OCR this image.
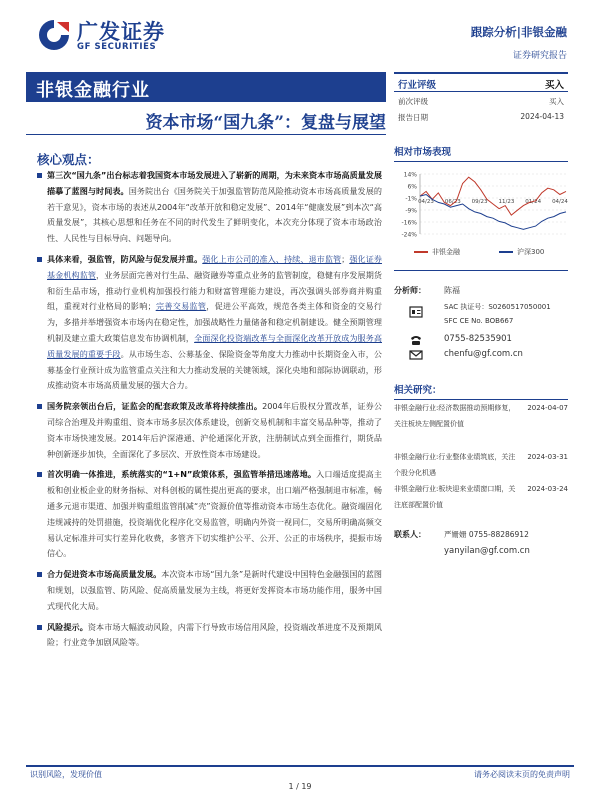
广发证券
GF SECURITIES
跟踪分析|非银金融
证券研究报告
非银金融行业
资本市场“国九条”：复盘与展望
核心观点：
第三次“国九条”出台标志着我国资本市场发展进入了崭新的周期，为未来资本市场高质量发展描摹了蓝图与时间表。国务院出台《国务院关于加强监管防范风险推动资本市场高质量发展的若干意见》，资本市场的表述从2004年“改革开放和稳定发展”、2014年“健康发展”到本次“高质量发展”，其核心思想和任务在不同的时代发生了鲜明变化，本次充分体现了资本市场政治性、人民性与目标导向、问题导向。
具体来看，强监管，防风险与促发展并重。强化上市公司的准入、持续、退市监管；强化证券基金机构监管，业务层面完善对行生品、融资融券等重点业务的监管制度，稳健有序发展期货和衍生品市场，推动行业机构加强投行能力和财富管理能力建设，再次强调头部券商并购重组，重视对行业格局的影响；完善交易监管，促进公平高效，规范各类主体和资金的交易行为，多措并举增强资本市场内在稳定性，加强战略性力量储备和稳定机制建设。健全预期管理机制及建立重大政策信息发布协调机制，全面深化投资端改革与全面深化改革开放成为服务高质量发展的重要手段。从市场生态、公募基金、保险资金等角度大力推动中长期资金入市，公募基金行业预计成为监管重点关注和大力推动发展的关键领域，深化央地和部际协调联动，形成推动资本市场高质量发展的强大合力。
国务院亲领出台后，证监会的配套政策及改革将持续推出。2004年后股权分置改革，证券公司综合治理及并购重组、资本市场多层次体系建设，创新交易机制和丰富交易品种等，推动了资本市场快速发展。2014年后沪深港通、沪伦通深化开放，注册制试点到全面推行，期货品种创新逐步加快，全面深化了多层次、开放性资本市场建设。
首次明确一体推进，系统落实的“1+N”政策体系，强监管举措迅速落地。入口端适度提高主板和创业板企业的财务指标、对科创板的属性提出更高的要求，出口端严格强制退市标准，畅通多元退市渠道、加强并购重组监管削减“壳”资源价值等推动资本市场生态优化。融资端固化违规减持的处罚措施，投资端优化程序化交易监管，明确内外资一视同仁，交易所明确高频交易认定标准并可实行差异化收费，多管齐下切实维护公平、公开、公正的市场秩序，提振市场信心。
合力促进资本市场高质量发展。本次资本市场“国九条”是新时代建设中国特色金融强国的蓝图和规划，以强监管、防风险、促高质量发展为主线，将更好发挥资本市场功能作用，服务中国式现代化大局。
风险提示。资本市场大幅波动风险，内需下行导致市场信用风险，投资端改革进度不及预期风险；行业竞争加剧风险等。
行业评级	买入
前次评级	买入
报告日期	2024-04-13
相对市场表现
14%
6%
-1%
-9%
-16%
-24%
04/23 06/23 09/23 11/23 01/24 04/24
非银金融	沪深300
分析师： 陈福
SAC 执证号：S0260517050001
SFC CE No. BOB667
0755-82535901
chenfu@gf.com.cn
相关研究：
非银金融行业:经济数据推动预期修复，关注板块左侧配置价值
2024-04-07
非银金融行业:行业整体业绩筑底，关注个股分化机遇
2024-03-31
非银金融行业:板块迎来业绩窗口期，关注底部配置价值
2024-03-24
联系人： 严姗姗 0755-88286912
yanyilan@gf.com.cn
识别风险，发现价值	请务必阅读末页的免责声明
1 / 19
